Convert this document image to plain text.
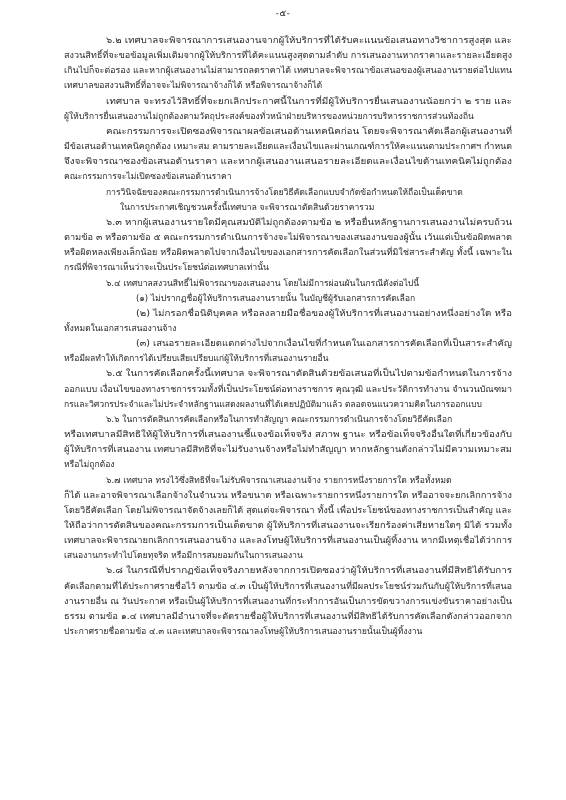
-๕-
๖.๒ เทศบาลจะพิจารณาการเสนองานจากผู้ให้บริการที่ได้รับคะแนนข้อเสนอทางวิชาการสูงสุด และ
สงวนสิทธิ์ที่จะขอข้อมูลเพิ่มเติมจากผู้ให้บริการที่ได้คะแนนสูงสุดตามลำดับ การเสนองานหากราคาและรายละเอียดสูง
เกินไปก็จะต่อรอง และหากผู้เสนองานไม่สามารถลดราคาได้ เทศบาลจะพิจารณาข้อเสนอของผู้เสนองานรายต่อไปแทน
เทศบาลขอสงวนสิทธิ์ที่อาจจะไม่พิจารณาจ้างก็ได้ หรือพิจารณาจ้างก็ได้
เทศบาล จะทรงไว้สิทธิ์ที่จะยกเลิกประกาศนี้ในการที่มีผู้ให้บริการยื่นเสนองานน้อยกว่า ๒ ราย และ
ผู้ให้บริการยื่นเสนองานไม่ถูกต้องตามวัตถุประสงค์ของทั่วหน้าฝ่ายบริหารของหน่วยการบริหารราชการส่วนท้องถิ่น
คณะกรรมการจะเปิดซองพิจารณาผลข้อเสนอด้านเทคนิคก่อน โดยจะพิจารณาคัดเลือกผู้เสนองานที่
มีข้อเสนอด้านเทคนิคถูกต้อง เหมาะสม ตามรายละเอียดและเงื่อนไขและผ่านเกณฑ์การให้คะแนนตามประกาศฯ กำหนด
จึงจะพิจารณาซองข้อเสนอด้านราคา และหากผู้เสนองานเสนอรายละเอียดและเงื่อนไขด้านเทคนิคไม่ถูกต้อง
คณะกรรมการจะไม่เปิดซองข้อเสนอด้านราคา
การวินิจฉัยของคณะกรรมการดำเนินการจ้างโดยวิธีคัดเลือกแบบจำกัดข้อกำหนดให้ถือเป็นเด็ดขาด
ในการประกาศเชิญชวนครั้งนี้เทศบาล จะพิจารณาตัดสินด้วยราคารวม
๖.๓ หากผู้เสนองานรายใดมีคุณสมบัติไม่ถูกต้องตามข้อ ๒ หรือยื่นหลักฐานการเสนองานไม่ครบถ้วน
ตามข้อ ๓ หรือตามข้อ ๕ คณะกรรมการดำเนินการจ้างจะไม่พิจารณาของเสนองานของผู้นั้น เว้นแต่เป็นข้อผิดพลาด
หรือผิดหลงเพียงเล็กน้อย หรือผิดพลาดไปจากเงื่อนไขของเอกสารการคัดเลือกในส่วนที่มิใช่สาระสำคัญ ทั้งนี้ เฉพาะใน
กรณีที่พิจารณาเห็นว่าจะเป็นประโยชน์ต่อเทศบาลเท่านั้น
๖.๔ เทศบาลสงวนสิทธิ์ไม่พิจารณาของเสนองาน โดยไม่มีการผ่อนผันในกรณีดังต่อไปนี้
(๑) ไม่ปรากฏชื่อผู้ให้บริการเสนองานรายนั้น ในบัญชีผู้รับเอกสารการคัดเลือก
(๒) ไม่กรอกชื่อนิติบุคคล หรือลงลายมือชื่อของผู้ให้บริการที่เสนองานอย่างหนึ่งอย่างใด หรือ
ทั้งหมดในเอกสารเสนองานจ้าง
(๓) เสนอรายละเอียดแตกต่างไปจากเงื่อนไขที่กำหนดในเอกสารการคัดเลือกที่เป็นสาระสำคัญ
หรือมีผลทำให้เกิดการได้เปรียบเสียเปรียบแก่ผู้ให้บริการที่เสนองานรายอื่น
๖.๕ ในการคัดเลือกครั้งนี้เทศบาล จะพิจารณาตัดสินด้วยข้อเสนอที่เป็นไปตามข้อกำหนดในการจ้าง
ออกแบบ เงื่อนไขของทางราชการรวมทั้งที่เป็นประโยชน์ต่อทางราชการ คุณวุฒิ และประวัติการทำงาน จำนวนบัณฑมา
กรและวิศวกรประจำและไม่ประจำหลักฐานแสดงผลงานที่ได้เคยปฏิบัติมาแล้ว ตลอดจนแนวความคิดในการออกแบบ
๖.๖ ในการตัดสินการคัดเลือกหรือในการทำสัญญา คณะกรรมการดำเนินการจ้างโดยวิธีคัดเลือก
หรือเทศบาลมีสิทธิให้ผู้ให้บริการที่เสนองานชี้แจงข้อเท็จจริง สภาพ ฐานะ หรือข้อเท็จจริงอื่นใดที่เกี่ยวข้องกับ
ผู้ให้บริการที่เสนองาน เทศบาลมีสิทธิที่จะไม่รับงานจ้างหรือไม่ทำสัญญา หากหลักฐานดังกล่าวไม่มีความเหมาะสม
หรือไม่ถูกต้อง
๖.๗ เทศบาล ทรงไว้ซึ่งสิทธิที่จะไม่รับพิจารณาเสนองานจ้าง รายการหนึ่งรายการใด หรือทั้งหมด
ก็ได้ และอาจพิจารณาเลือกจ้างในจำนวน หรือขนาด หรือเฉพาะรายการหนึ่งรายการใด หรืออาจจะยกเลิกการจ้าง
โดยวิธีคัดเลือก โดยไม่พิจารณาจัดจ้างเลยก็ได้ สุดแต่จะพิจารณา ทั้งนี้ เพื่อประโยชน์ของทางราชการเป็นสำคัญ และ
ให้ถือว่าการตัดสินของคณะกรรมการเป็นเด็ดขาด ผู้ให้บริการที่เสนองานจะเรียกร้องค่าเสียหายใดๆ มิได้ รวมทั้ง
เทศบาลจะพิจารณายกเลิกการเสนองานจ้าง และลงโทษผู้ให้บริการที่เสนองานเป็นผู้ทิ้งงาน หากมีเหตุเชื่อได้ว่าการ
เสนองานกระทำไปโดยทุจริต หรือมีการสมยอมกันในการเสนองาน
๖.๘ ในกรณีที่ปรากฏข้อเท็จจริงภายหลังจากการเปิดซองว่าผู้ให้บริการที่เสนองานที่มีสิทธิได้รับการ
คัดเลือกตามที่ได้ประกาศรายชื่อไว้ ตามข้อ ๔.๓ เป็นผู้ให้บริการที่เสนองานที่มีผลประโยชน์ร่วมกันกับผู้ให้บริการที่เสนอ
งานรายอื่น ณ วันประกาศ หรือเป็นผู้ให้บริการที่เสนองานที่กระทำการอันเป็นการขัดขวางการแข่งขันราคาอย่างเป็น
ธรรม ตามข้อ ๑.๔ เทศบาลมีอำนาจที่จะตัดรายชื่อผู้ให้บริการที่เสนองานที่มีสิทธิได้รับการคัดเลือกดังกล่าวออกจาก
ประกาศรายชื่อตามข้อ ๔.๓ และเทศบาลจะพิจารณาลงโทษผู้ให้บริการเสนองานรายนั้นเป็นผู้ทิ้งงาน
